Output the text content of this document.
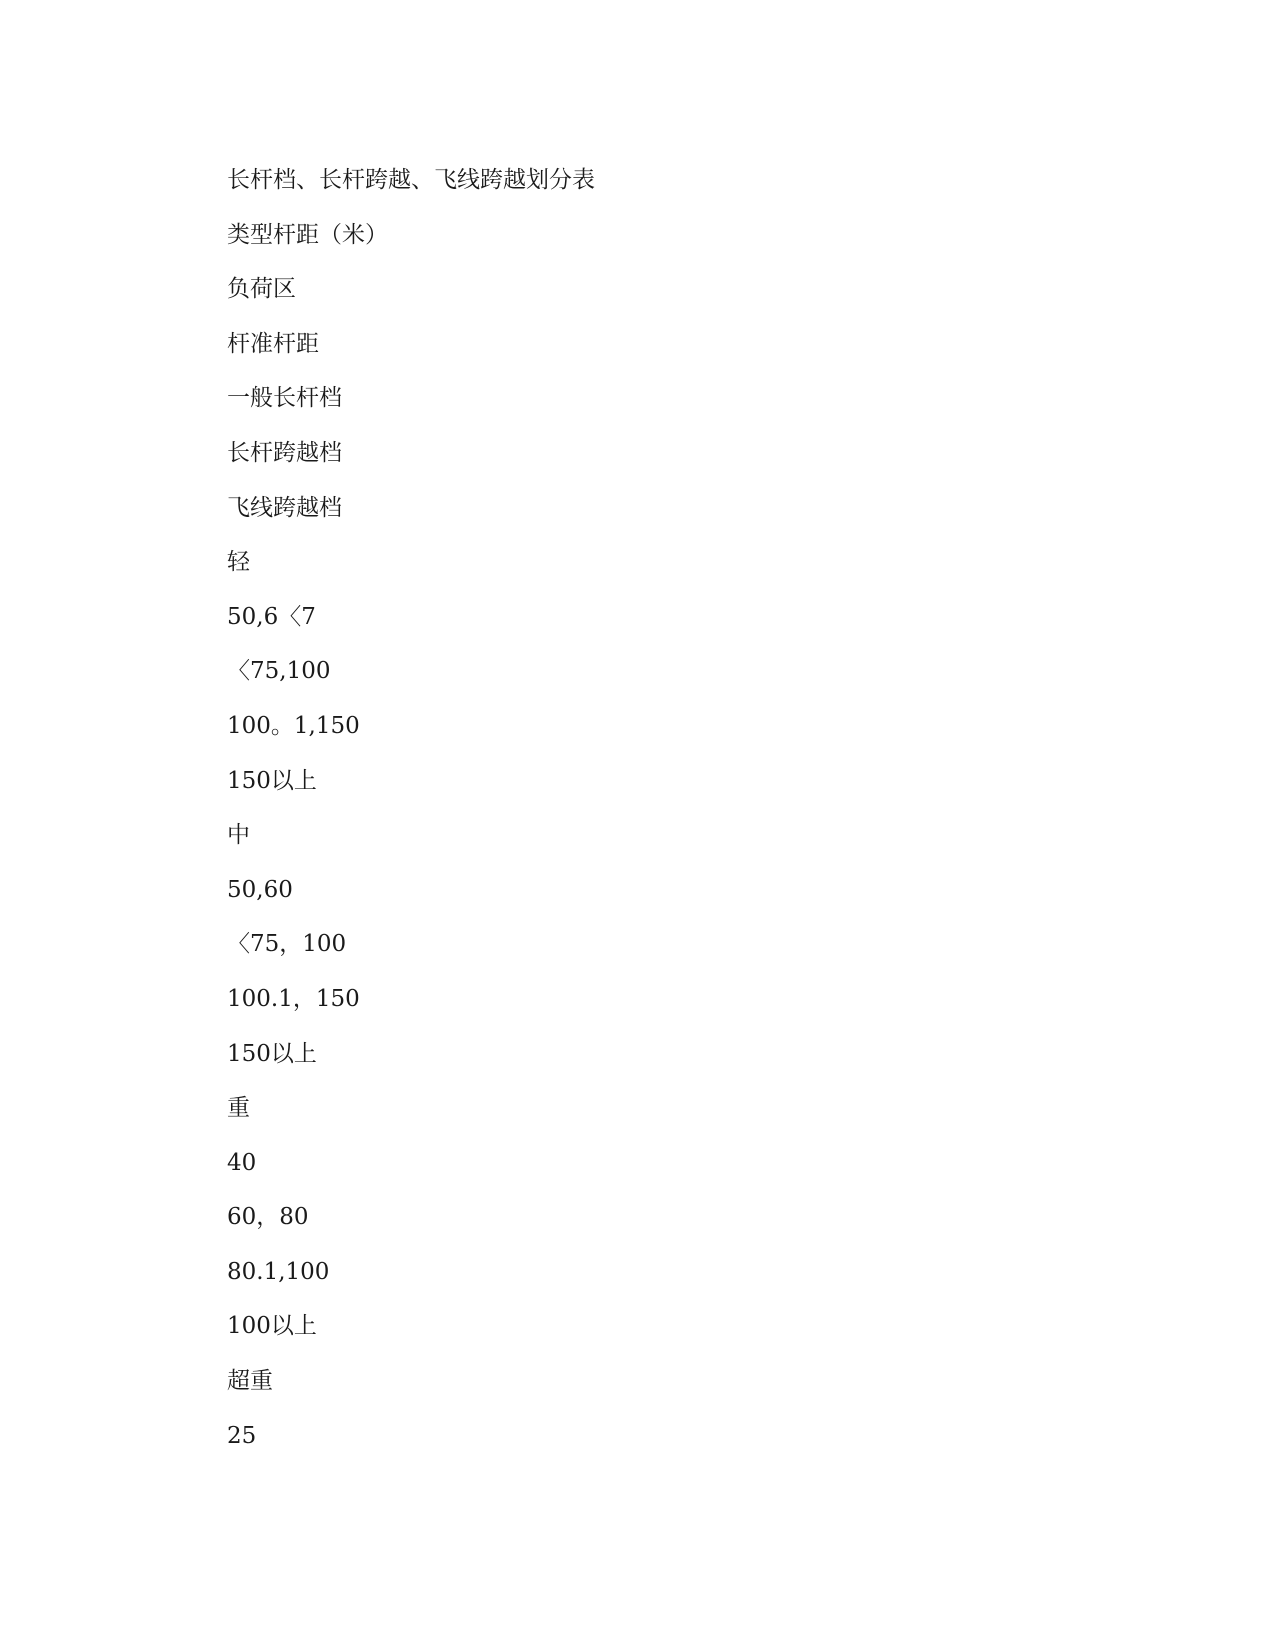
长杆档、长杆跨越、飞线跨越划分表
类型杆距（米）
负荷区
杆准杆距
一般长杆档
长杆跨越档
飞线跨越档
轻
50,6〈7
〈75,100
100。1,150
150以上
中
50,60
〈75，100
100.1，150
150以上
重
40
60，80
80.1,100
100以上
超重
25
